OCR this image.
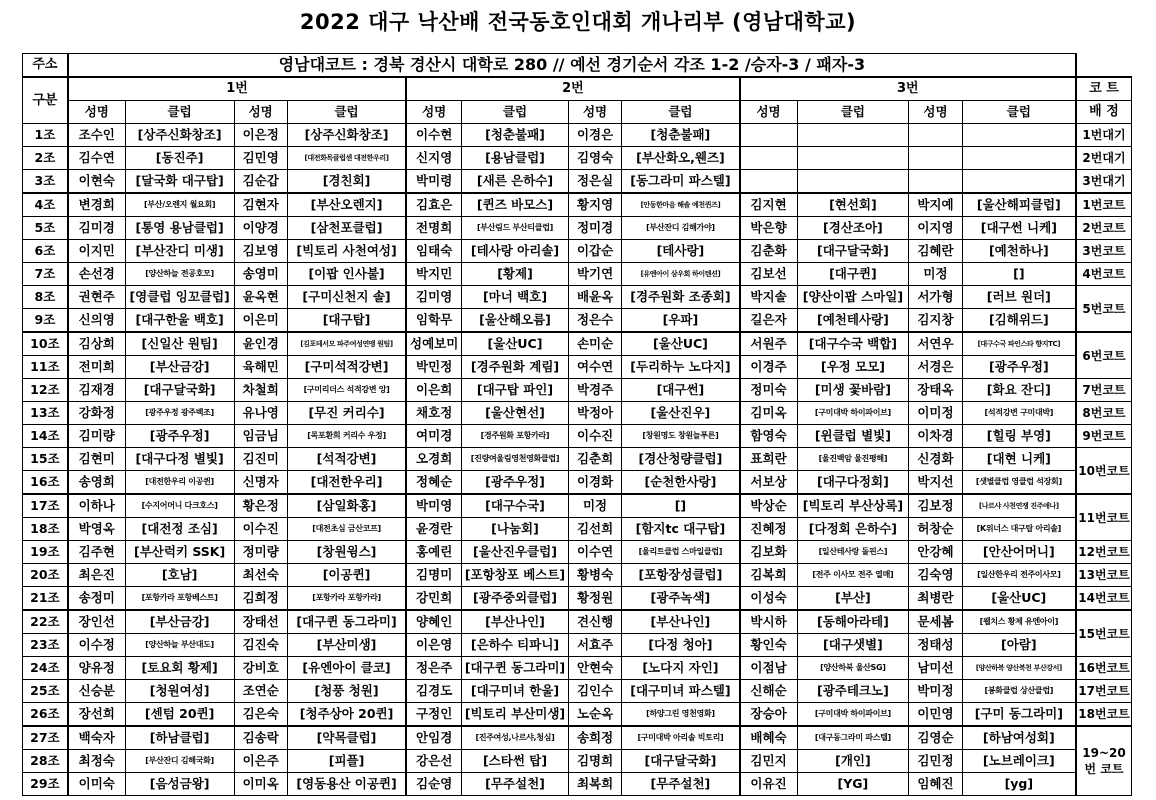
2022 대구 낙산배 전국동호인대회 개나리부 (영남대학교)
주소	영남대코트 : 경북 경산시 대학로 280 // 예선 경기순서 각조 1-2 /승자-3 / 패자-3												
구분	1번				2번				3번				코 트
	성명	클럽	성명	클럽	성명	클럽	성명	클럽	성명	클럽	성명	클럽	배 정
1조	조수인	[상주신화창조]	이은정	[상주신화창조]	이수현	[청춘불패]	이경은	[청춘불패]					1번대기
2조	김수연	[동진주]	김민영	[대전화목클럽센 대전한우리]	신지영	[용남클럽]	김영숙	[부산화오,웬즈]					2번대기
3조	이현숙	[달국화 대구탑]	김순갑	[경친회]	박미령	[새른 은하수]	정은실	[동그라미 파스텔]					3번대기
4조	변경희	[부산/오렌지 월요회]	김현자	[부산오렌지]	김효은	[퀸즈 바모스]	황지영	[안동한마음 해솔 예천퀸즈]	김지현	[현선회]	박지예	[울산해피클럽]	1번코트
5조	김미경	[통영 용남클럽]	이양경	[삼천포클럽]	전명희	[부산림드 부산티클럽]	정미경	[부산잔디 김해가야]	박은향	[경산조아]	이지영	[대구썬 니케]	2번코트
6조	이지민	[부산잔디 미생]	김보영	[빅토리 사천여성]	임태숙	[테사랑 아리솔]	이갑순	[테사랑]	김춘화	[대구달국화]	김혜란	[예천하나]	3번코트
7조	손선경	[양산하늘 전공호모]	송영미	[이팝 인사불]	박지민	[황제]	박기연	[유엔아이 삼우회 하이텐션]	김보선	[대구퀸]	미정	[]	4번코트
8조	권현주	[영클럽 잉꼬클럽]	윤옥현	[구미신천지 솔]	김미영	[마너 백호]	배윤옥	[경주원화 조종회]	박지솔	[양산이팝 스마일]	서가형	[러브 원더]	5번코트
9조	신의영	[대구한울 백호]	이은미	[대구탑]	임학무	[울산해오름]	정은수	[우파]	길은자	[예천테사랑]	김지창	[김해위드]	
10조	김상희	[신일산 원팀]	윤인경	[김포테서모 파주여성연맹 원팀]	성예보미	[울산UC]	손미순	[울산UC]	서원주	[대구수국 백합]	서연우	[대구수국 파인스타 향지TC]	6번코트
11조	전미희	[부산금강]	육해민	[구미석적강변]	박민정	[경주원화 계림]	여수연	[두리하누 노다지]	이경주	[우정 모모]	서경은	[광주우정]	
12조	김재경	[대구달국화]	차철희	[구미리더스 석적강변 앙]	이은희	[대구탑 파인]	박경주	[대구썬]	정미숙	[미생 꽃바람]	장태옥	[화요 잔디]	7번코트
13조	강화정	[광주우정 광주백조]	유나영	[무진 커리수]	채호정	[울산현선]	박정아	[울산진우]	김미옥	[구미대박 하이파이브]	이미정	[석적강변 구미대박]	8번코트
14조	김미량	[광주우정]	임금님	[목포환희 커리수 우정]	여미경	[경주원화 포항카라]	이수진	[창원명도 창원늘푸른]	함영숙	[윈클럽 별빛]	이차경	[힐링 부영]	9번코트
15조	김현미	[대구다정 별빛]	김진미	[석적강변]	오경희	[진량여울림영천영화클럽]	김춘희	[경산청량클럽]	표희란	[울진백암 울진평해]	신경화	[대현 니케]	10번코트
16조	송영희	[대전한우리 이공퀸]	신명자	[대전한우리]	정혜순	[광주우정]	이경화	[순천한사랑]	서보상	[대구다정회]	박지선	[샛별클럽 영클럽 석장회]	
17조	이하나	[수지어머니 다크호스]	황은정	[삼일화홍]	박미영	[대구수국]	미정	[]	박상순	[빅토리 부산상록]	김보정	[나르샤 사천연쟁 진주애나]	11번코트
18조	박영옥	[대전정 조심]	이수진	[대전초심 금산코프]	윤경란	[나눔회]	김선희	[함지tc 대구탑]	진혜정	[다정회 은하수]	허창순	[K위너스 대구탑 아리솔]	
19조	김주현	[부산럭키 SSK]	정미량	[창원윙스]	홍예린	[울산진우클럽]	이수연	[울리트클럽 스마일클럽]	김보화	[일산테사랑 돌핀스]	안강혜	[안산어머니]	12번코트
20조	최은진	[호남]	최선숙	[이공퀸]	김명미	[포항창포 베스트]	황병숙	[포항장성클럽]	김복희	[전주 이사모 전주 열매]	김숙영	[일산한우리 전주이사모]	13번코트
21조	송정미	[포항카라 포항베스트]	김희정	[포항카라 포항카라]	강민희	[광주중외클럽]	황정원	[광주녹색]	이성숙	[부산]	최병란	[울산UC]	14번코트
22조	장인선	[부산금강]	장태선	[대구퀸 동그라미]	양혜인	[부산나인]	견신행	[부산나인]	박시하	[동해아라테]	문세봄	[웹치스 황제 유엔아이]	15번코트
23조	이수정	[양산하늘 부산대도]	김진숙	[부산미생]	이은영	[은하수 티파니]	서효주	[다정 청아]	황인숙	[대구샛별]	정태성	[아람]	
24조	양유정	[토요회 황제]	강비호	[유엔아이 클코]	정은주	[대구퀸 동그라미]	안현숙	[노다지 자인]	이점남	[양산하북 울산SG]	남미선	[양산하북 양산북천 부산강서]	16번코트
25조	신승분	[청원여성]	조연순	[청풍 청원]	김경도	[대구미녀 한울]	김인수	[대구미녀 파스텔]	신해순	[광주테크노]	박미정	[봉화클럽 상산클럽]	17번코트
26조	장선희	[센텀 20퀸]	김은숙	[청주상아 20퀸]	구정인	[빅토리 부산미생]	노순옥	[하양그린 영천영화]	장승아	[구미대박 하이파이브]	이민영	[구미 동그라미]	18번코트
27조	백숙자	[하남클럽]	김송락	[약목클럽]	안임경	[진주여성,나르샤,청심]	송희정	[구미대박 아리솔 빅토리]	배혜숙	[대구동그라미 파스텔]	김영순	[하남여성회]	19~20번 코트
28조	최정숙	[부산잔디 김해국화]	이은주	[피플]	강은선	[스타썬 탑]	김명희	[대구달국화]	김민지	[개인]	김민정	[노브레이크]	
29조	이미숙	[음성금왕]	이미옥	[영동용산 이공퀸]	김순영	[무주설천]	최복희	[무주설천]	이유진	[YG]	임혜진	[yg]	
